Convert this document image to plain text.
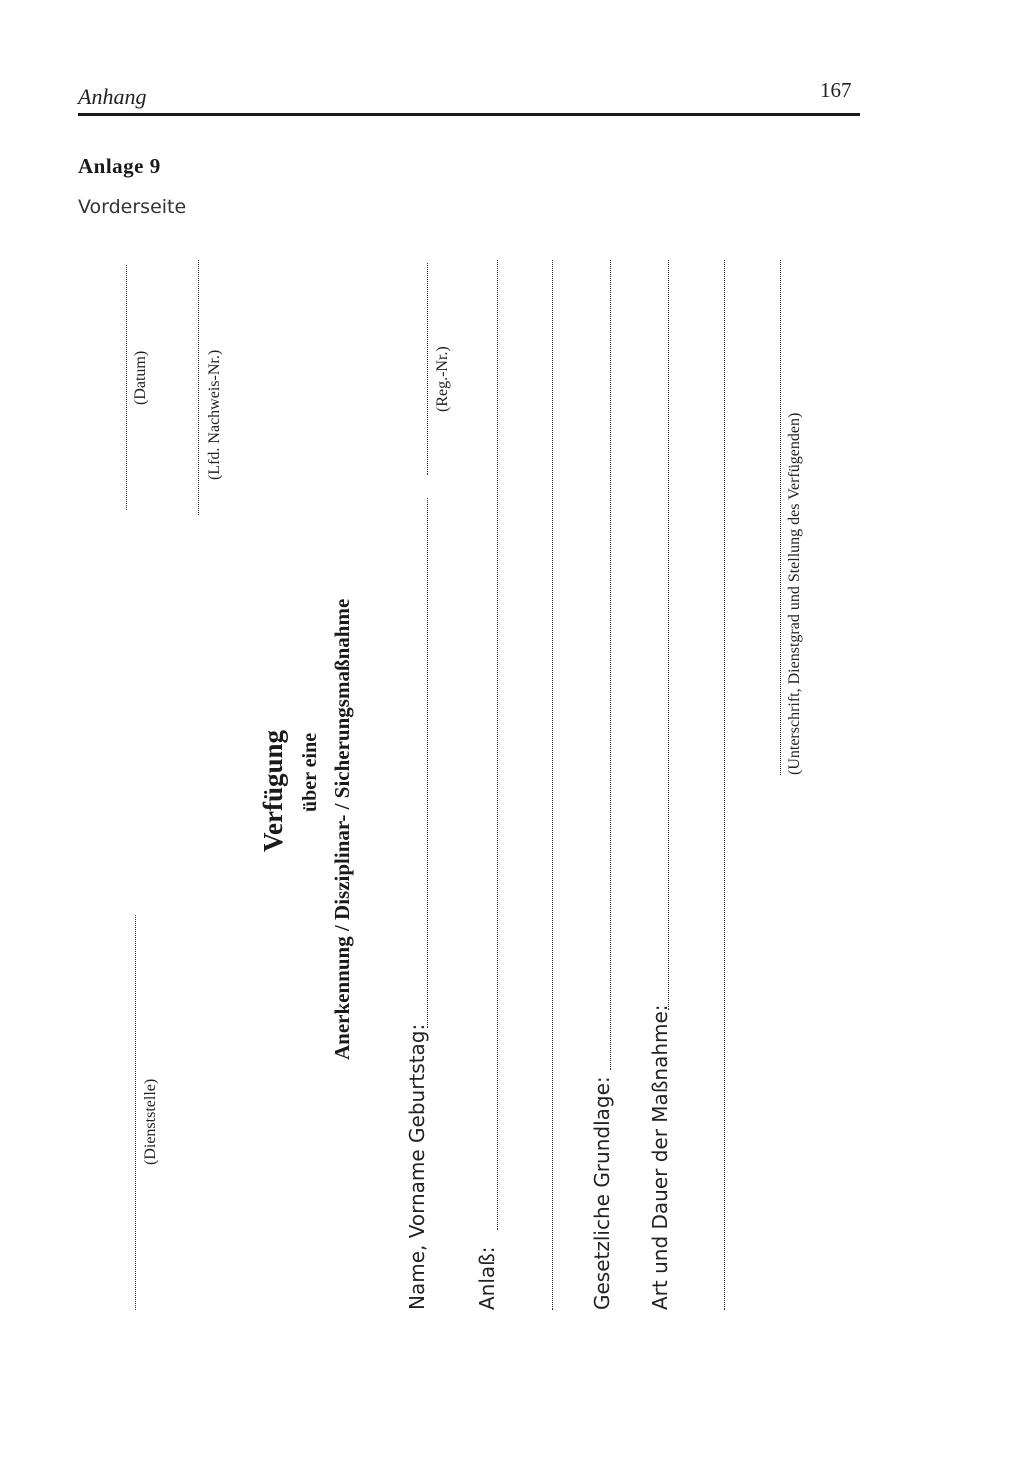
Anhang	167
Anlage 9
Vorderseite
(Dienststelle)
(Datum)	(Lfd. Nachweis-Nr.)
Verfügung über eine Anerkennung / Disziplinar- / Sicherungsmaßnahme
Name, Vorname Geburtstag:
(Reg.-Nr.)
Anlaß:	Gesetzliche Grundlage: Art und Dauer der Maßnahme:
(Unterschrift, Dienstgrad und Stellung des Verfügenden)
